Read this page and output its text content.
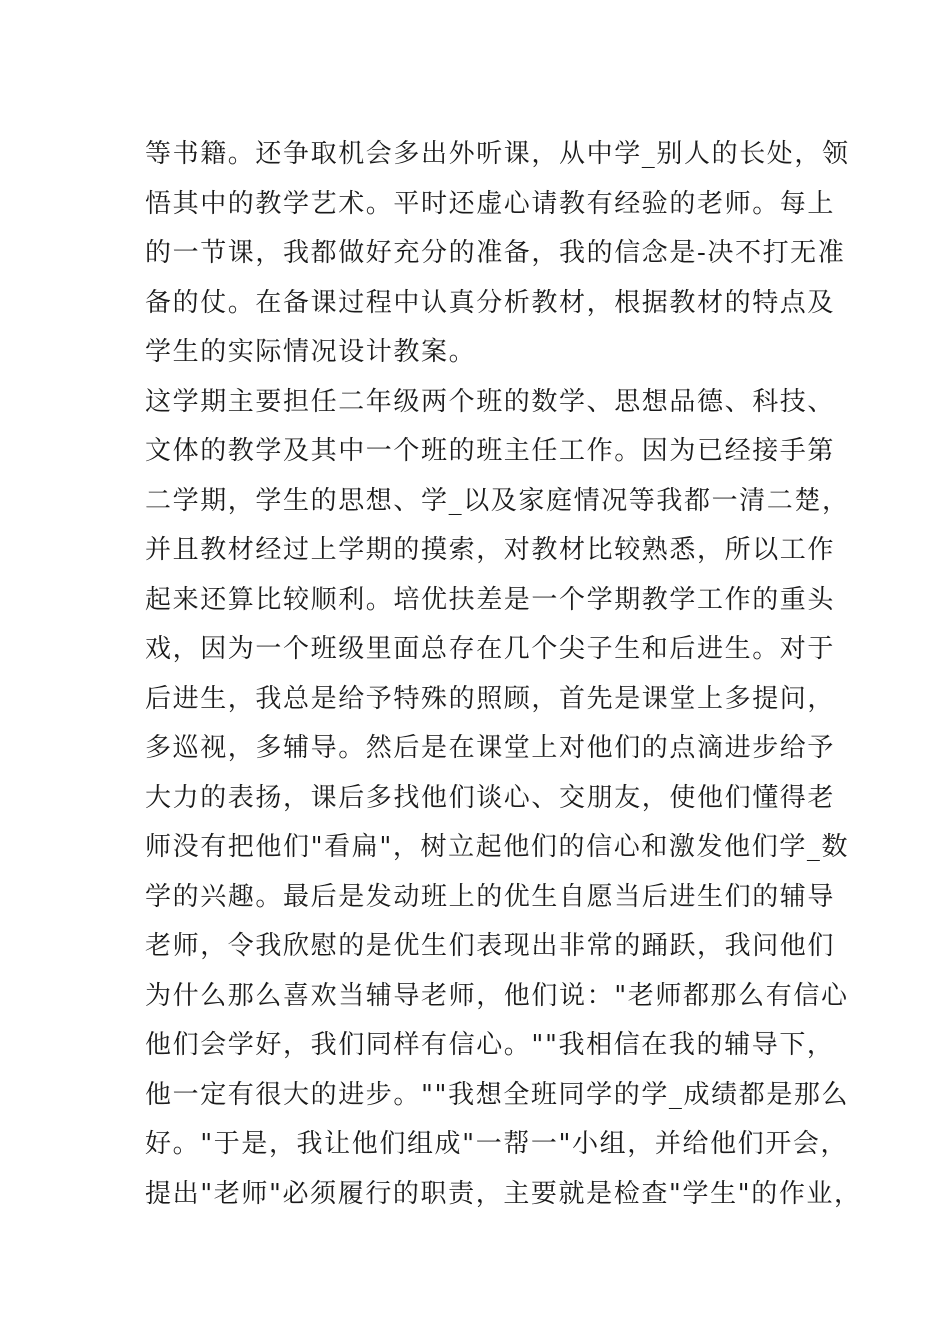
等书籍。还争取机会多出外听课，从中学_别人的长处，领
悟其中的教学艺术。平时还虚心请教有经验的老师。每上
的一节课，我都做好充分的准备，我的信念是-决不打无准
备的仗。在备课过程中认真分析教材，根据教材的特点及
学生的实际情况设计教案。
这学期主要担任二年级两个班的数学、思想品德、科技、
文体的教学及其中一个班的班主任工作。因为已经接手第
二学期，学生的思想、学_以及家庭情况等我都一清二楚，
并且教材经过上学期的摸索，对教材比较熟悉，所以工作
起来还算比较顺利。培优扶差是一个学期教学工作的重头
戏，因为一个班级里面总存在几个尖子生和后进生。对于
后进生，我总是给予特殊的照顾，首先是课堂上多提问，
多巡视，多辅导。然后是在课堂上对他们的点滴进步给予
大力的表扬，课后多找他们谈心、交朋友，使他们懂得老
师没有把他们"看扁"，树立起他们的信心和激发他们学_数
学的兴趣。最后是发动班上的优生自愿当后进生们的辅导
老师，令我欣慰的是优生们表现出非常的踊跃，我问他们
为什么那么喜欢当辅导老师，他们说："老师都那么有信心
他们会学好，我们同样有信心。""我相信在我的辅导下，
他一定有很大的进步。""我想全班同学的学_成绩都是那么
好。"于是，我让他们组成"一帮一"小组，并给他们开会，
提出"老师"必须履行的职责，主要就是检查"学生"的作业，
